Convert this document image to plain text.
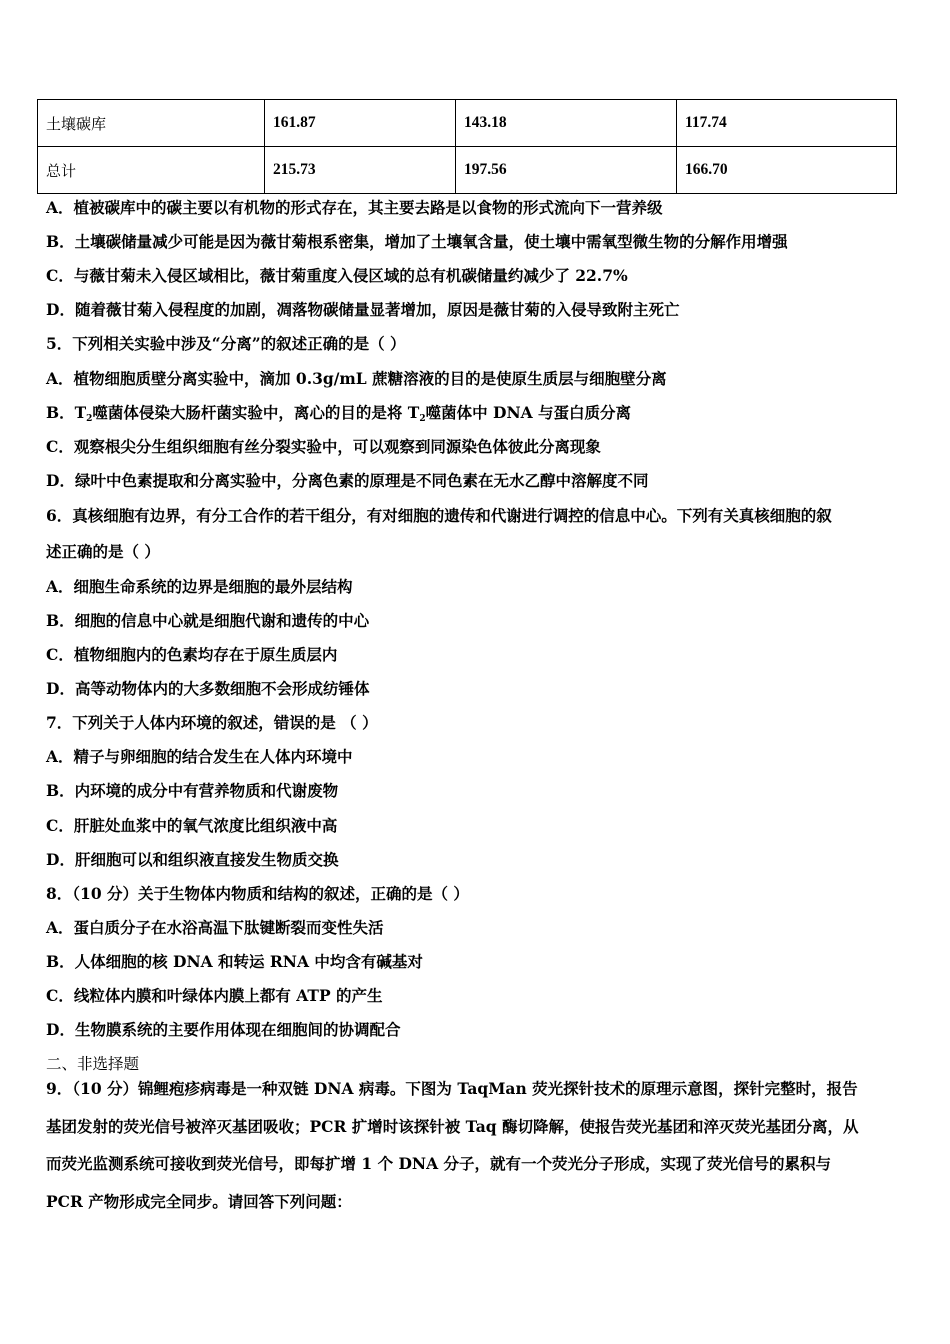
土壤碳库	161.87	143.18	117.74
总计	215.73	197.56	166.70
A．植被碳库中的碳主要以有机物的形式存在，其主要去路是以食物的形式流向下一营养级
B．土壤碳储量减少可能是因为薇甘菊根系密集，增加了土壤氧含量，使土壤中需氧型微生物的分解作用增强
C．与薇甘菊未入侵区域相比，薇甘菊重度入侵区域的总有机碳储量约减少了 22.7%
D．随着薇甘菊入侵程度的加剧，凋落物碳储量显著增加，原因是薇甘菊的入侵导致附主死亡
5．下列相关实验中涉及“分离”的叙述正确的是（ ）
A．植物细胞质壁分离实验中，滴加 0.3g/mL 蔗糖溶液的目的是使原生质层与细胞壁分离
B．$T_2$噬菌体侵染大肠杆菌实验中，离心的目的是将 $T_2$噬菌体中 DNA 与蛋白质分离
C．观察根尖分生组织细胞有丝分裂实验中，可以观察到同源染色体彼此分离现象
D．绿叶中色素提取和分离实验中，分离色素的原理是不同色素在无水乙醇中溶解度不同
6．真核细胞有边界，有分工合作的若干组分，有对细胞的遗传和代谢进行调控的信息中心。下列有关真核细胞的叙
述正确的是（ ）
A．细胞生命系统的边界是细胞的最外层结构
B．细胞的信息中心就是细胞代谢和遗传的中心
C．植物细胞内的色素均存在于原生质层内
D．高等动物体内的大多数细胞不会形成纺锤体
7．下列关于人体内环境的叙述，错误的是 （ ）
A．精子与卵细胞的结合发生在人体内环境中
B．内环境的成分中有营养物质和代谢废物
C．肝脏处血浆中的氧气浓度比组织液中高
D．肝细胞可以和组织液直接发生物质交换
8．（10 分）关于生物体内物质和结构的叙述，正确的是（ ）
A．蛋白质分子在水浴高温下肽键断裂而变性失活
B．人体细胞的核 DNA 和转运 RNA 中均含有碱基对
C．线粒体内膜和叶绿体内膜上都有 ATP 的产生
D．生物膜系统的主要作用体现在细胞间的协调配合
二、非选择题
9．（10 分）锦鲤疱疹病毒是一种双链 DNA 病毒。下图为 TaqMan 荧光探针技术的原理示意图，探针完整时，报告
基团发射的荧光信号被淬灭基团吸收；PCR 扩增时该探针被 Taq 酶切降解，使报告荧光基团和淬灭荧光基团分离，从
而荧光监测系统可接收到荧光信号，即每扩增 1 个 DNA 分子，就有一个荧光分子形成，实现了荧光信号的累积与
PCR 产物形成完全同步。请回答下列问题：
